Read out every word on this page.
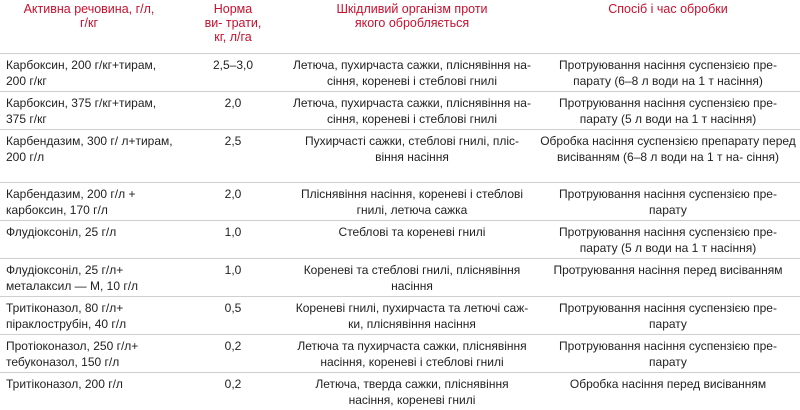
Активна речовина, г/л, г/кг	Норма ви- трати, кг, л/га	Шкідливий організм проти якого обробляється	Спосіб і час обробки
Карбоксин, 200 г/кг+тирам, 200 г/кг	2,5–3,0	Летюча, пухирчаста сажки, пліснявіння на- сіння, кореневі і стеблові гнилі	Протруювання насіння суспензією пре- парату (6–8 л води на 1 т насіння)
Карбоксин, 375 г/кг+тирам, 375 г/кг	2,0	Летюча, пухирчаста сажки, пліснявіння на- сіння, кореневі і стеблові гнилі	Протруювання насіння суспензією пре- парату (5 л води на 1 т насіння)
Карбендазим, 300 г/ л+тирам, 200 г/л	2,5	Пухирчасті сажки, стеблові гнилі, пліс- віння насіння	Обробка насіння суспензією препарату перед висіванням (6–8 л води на 1 т на- сіння)
Карбендазим, 200 г/л + карбоксин, 170 г/л	2,0	Пліснявіння насіння, кореневі і стеблові гнилі, летюча сажка	Протруювання насіння суспензією пре- парату
Флудіоксоніл, 25 г/л	1,0	Стеблові та кореневі гнилі	Протруювання насіння суспензією пре- парату (5 л води на 1 т насіння)
Флудіоксоніл, 25 г/л+ металаксил — М, 10 г/л	1,0	Кореневі та стеблові гнилі, пліснявіння насіння	Протруювання насіння перед висіванням
Тритіконазол, 80 г/л+ піраклострубін, 40 г/л	0,5	Кореневі гнилі, пухирчаста та летючі саж- ки, пліснявіння насіння	Протруювання насіння суспензією пре- парату
Протіоконазол, 250 г/л+ тебуконазол, 150 г/л	0,2	Летюча та пухирчаста сажки, пліснявіння насіння, кореневі і стеблові гнилі	Протруювання насіння суспензією пре- парату
Тритіконазол, 200 г/л	0,2	Летюча, тверда сажки, пліснявіння насіння, кореневі гнилі	Обробка насіння перед висіванням
